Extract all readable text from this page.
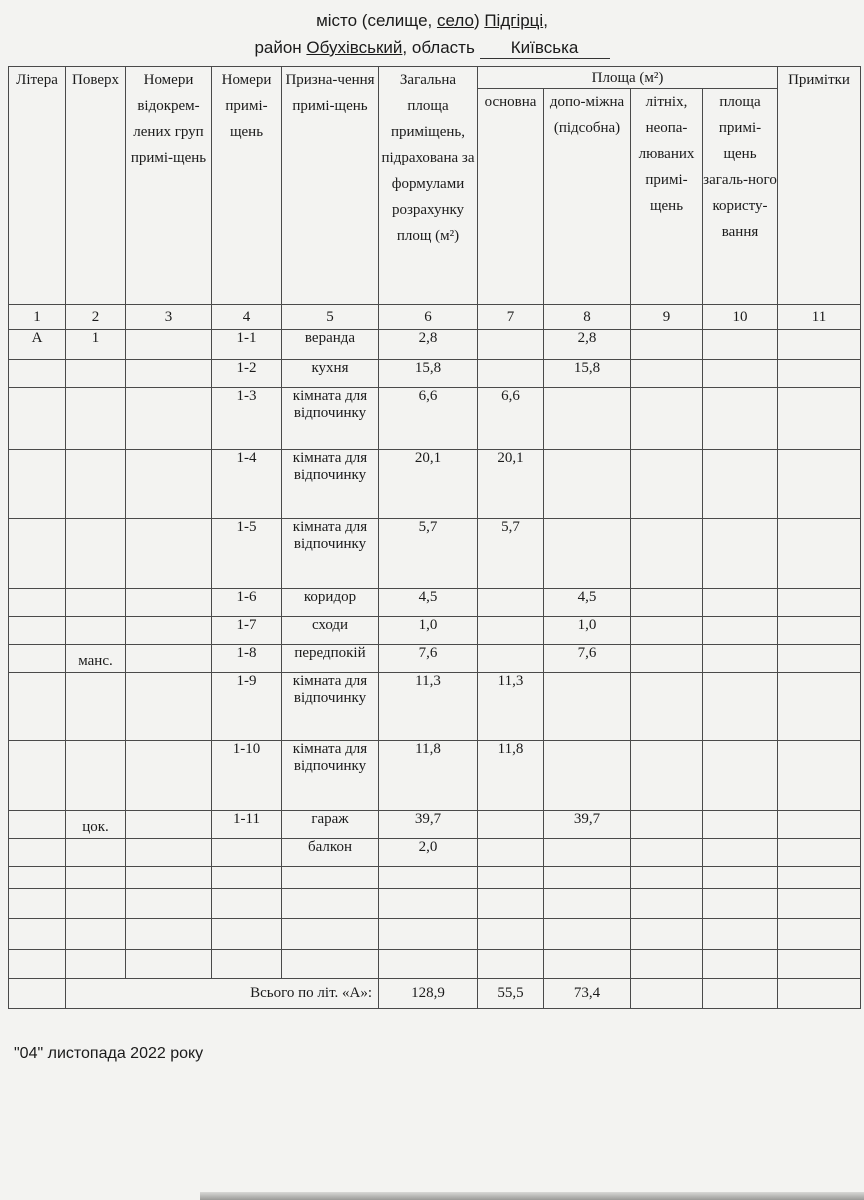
місто (селище, село) Підгірці,
район Обухівський, область Київська
Літера	Поверх	Номери відокрем-лених груп примі-щень	Номери примі-щень	Призна-чення примі-щень	Загальна площа приміщень, підрахована за формулами розрахунку площ (м²)	Площа (м²)				Примітки
						основна	допо-міжна (підсобна)	літніх, неопа-люваних примі-щень	площа примі-щень загаль-ного користу-вання	
1	2	3	4	5	6	7	8	9	10	11
А	1		1-1	веранда	2,8		2,8			
			1-2	кухня	15,8		15,8			
			1-3	кімната для відпочинку	6,6	6,6				
			1-4	кімната для відпочинку	20,1	20,1				
			1-5	кімната для відпочинку	5,7	5,7				
			1-6	коридор	4,5		4,5			
			1-7	сходи	1,0		1,0			
	манс.		1-8	передпокій	7,6		7,6			
			1-9	кімната для відпочинку	11,3	11,3				
			1-10	кімната для відпочинку	11,8	11,8				
	цок.		1-11	гараж	39,7		39,7			
				балкон	2,0					

	Всього по літ. «А»:				128,9	55,5	73,4			
"04" листопада 2022 року
